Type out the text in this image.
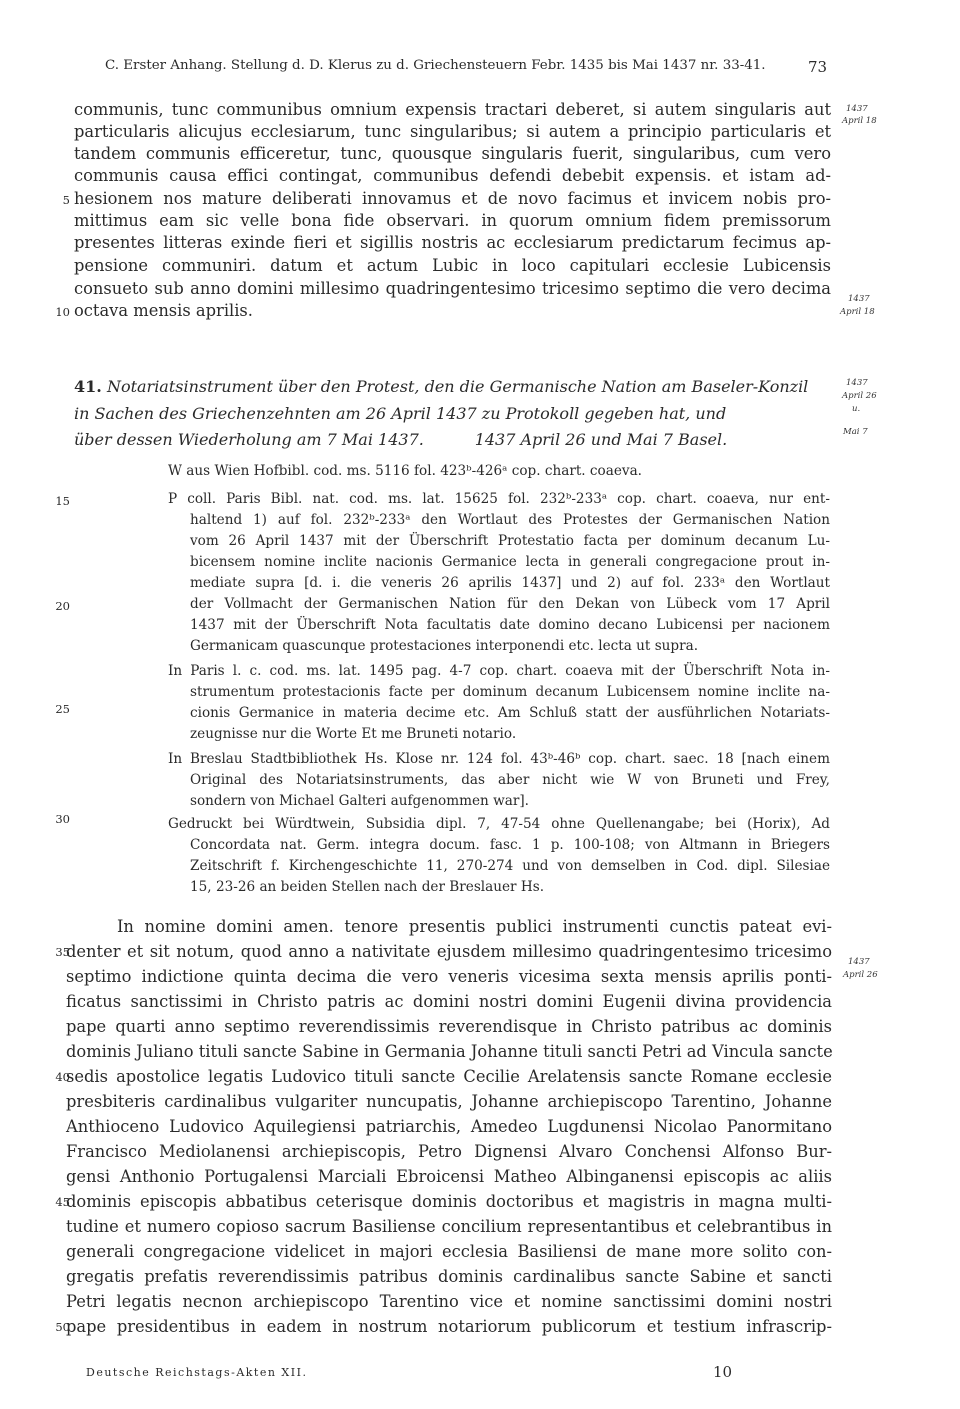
C. Erster Anhang. Stellung d. D. Klerus zu d. Griechensteuern Febr. 1435 bis Mai 1437 nr. 33-41.	73
communis, tunc communibus omnium expensis tractari deberet, si autem singularis aut
particularis alicujus ecclesiarum, tunc singularibus; si autem a principio particularis et
tandem communis efficeretur, tunc, quousque singularis fuerit, singularibus, cum vero
communis causa effici contingat, communibus defendi debebit expensis. et istam ad-
hesionem nos mature deliberati innovamus et de novo facimus et invicem nobis pro-
mittimus eam sic velle bona fide observari. in quorum omnium fidem premissorum
presentes litteras exinde fieri et sigillis nostris ac ecclesiarum predictarum fecimus ap-
pensione communiri. datum et actum Lubic in loco capitulari ecclesie Lubicensis
consueto sub anno domini millesimo quadringentesimo tricesimo septimo die vero decima
octava mensis aprilis.
5
10
1437
April 18
1437
April 18
41. Notariatsinstrument über den Protest, den die Germanische Nation am Baseler-Konzil
in Sachen des Griechenzehnten am 26 April 1437 zu Protokoll gegeben hat, und
über dessen Wiederholung am 7 Mai 1437.          1437 April 26 und Mai 7 Basel.
1437
April 26
u.
Mai 7
W aus Wien Hofbibl. cod. ms. 5116 fol. 423ᵇ-426ᵃ cop. chart. coaeva.
P coll. Paris Bibl. nat. cod. ms. lat. 15625 fol. 232ᵇ-233ᵃ cop. chart. coaeva, nur ent-
haltend 1) auf fol. 232ᵇ-233ᵃ den Wortlaut des Protestes der Germanischen Nation
vom 26 April 1437 mit der Überschrift Protestatio facta per dominum decanum Lu-
bicensem nomine inclite nacionis Germanice lecta in generali congregacione prout in-
mediate supra [d. i. die veneris 26 aprilis 1437] und 2) auf fol. 233ᵃ den Wortlaut
der Vollmacht der Germanischen Nation für den Dekan von Lübeck vom 17 April
1437 mit der Überschrift Nota facultatis date domino decano Lubicensi per nacionem
Germanicam quascunque protestaciones interponendi etc. lecta ut supra.
In Paris l. c. cod. ms. lat. 1495 pag. 4-7 cop. chart. coaeva mit der Überschrift Nota in-
strumentum protestacionis facte per dominum decanum Lubicensem nomine inclite na-
cionis Germanice in materia decime etc. Am Schluß statt der ausführlichen Notariats-
zeugnisse nur die Worte Et me Bruneti notario.
In Breslau Stadtbibliothek Hs. Klose nr. 124 fol. 43ᵇ-46ᵇ cop. chart. saec. 18 [nach einem
Original des Notariatsinstruments, das aber nicht wie W von Bruneti und Frey,
sondern von Michael Galteri aufgenommen war].
Gedruckt bei Würdtwein, Subsidia dipl. 7, 47-54 ohne Quellenangabe; bei (Horix), Ad
Concordata nat. Germ. integra docum. fasc. 1 p. 100-108; von Altmann in Briegers
Zeitschrift f. Kirchengeschichte 11, 270-274 und von demselben in Cod. dipl. Silesiae
15, 23-26 an beiden Stellen nach der Breslauer Hs.
15
20
25
30
In nomine domini amen. tenore presentis publici instrumenti cunctis pateat evi-
denter et sit notum, quod anno a nativitate ejusdem millesimo quadringentesimo tricesimo
septimo indictione quinta decima die vero veneris vicesima sexta mensis aprilis ponti-
ficatus sanctissimi in Christo patris ac domini nostri domini Eugenii divina providencia
pape quarti anno septimo reverendissimis reverendisque in Christo patribus ac dominis
dominis Juliano tituli sancte Sabine in Germania Johanne tituli sancti Petri ad Vincula sancte
sedis apostolice legatis Ludovico tituli sancte Cecilie Arelatensis sancte Romane ecclesie
presbiteris cardinalibus vulgariter nuncupatis, Johanne archiepiscopo Tarentino, Johanne
Anthioceno Ludovico Aquilegiensi patriarchis, Amedeo Lugdunensi Nicolao Panormitano
Francisco Mediolanensi archiepiscopis, Petro Dignensi Alvaro Conchensi Alfonso Bur-
gensi Anthonio Portugalensi Marciali Ebroicensi Matheo Albinganensi episcopis ac aliis
dominis episcopis abbatibus ceterisque dominis doctoribus et magistris in magna multi-
tudine et numero copioso sacrum Basiliense concilium representantibus et celebrantibus in
generali congregacione videlicet in majori ecclesia Basiliensi de mane more solito con-
gregatis prefatis reverendissimis patribus dominis cardinalibus sancte Sabine et sancti
Petri legatis necnon archiepiscopo Tarentino vice et nomine sanctissimi domini nostri
pape presidentibus in eadem in nostrum notariorum publicorum et testium infrascrip-
35
40
45
50
1437
April 26
Deutsche Reichstags-Akten XII.	10
